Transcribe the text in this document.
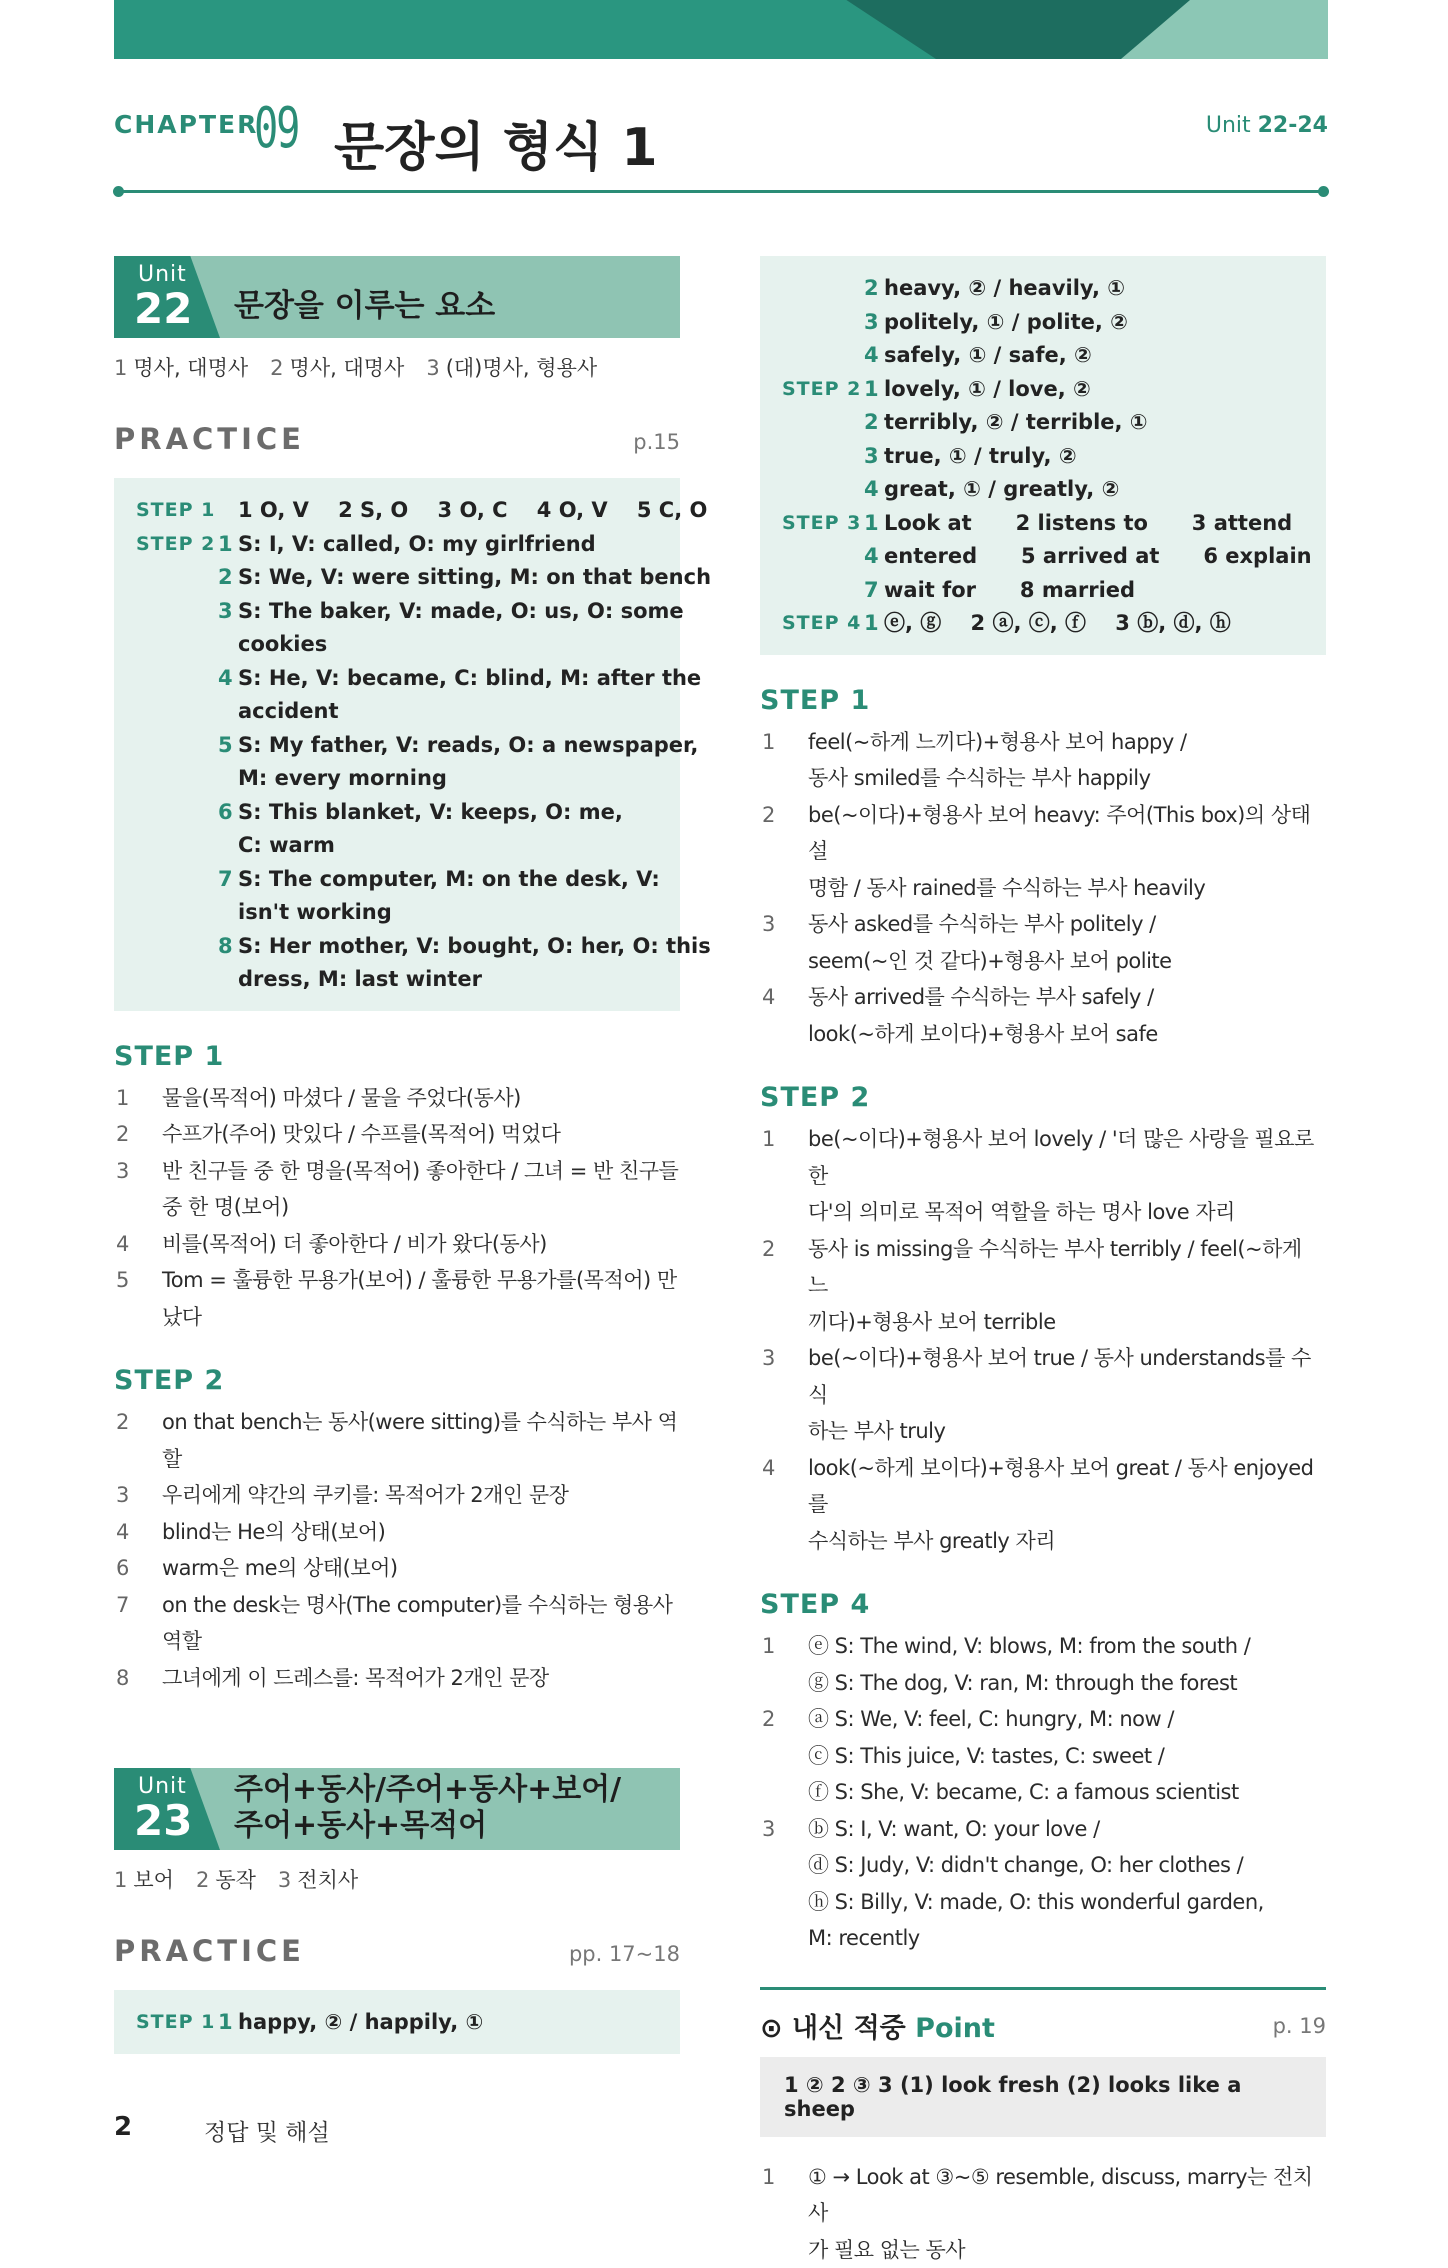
CHAPTER
09 문장의 형식 1	Unit 22-24
Unit
22 문장을 이루는 요소
1 명사, 대명사 2 명사, 대명사 3 (대)명사, 형용사
PRACTICE	p.15
STEP 1 1 O, V    2 S, O    3 O, C    4 O, V    5 C, O
STEP 2 1 S: I, V: called, O: my girlfriend
2 S: We, V: were sitting, M: on that bench
3 S: The baker, V: made, O: us, O: some
cookies
4 S: He, V: became, C: blind, M: after the
accident
5 S: My father, V: reads, O: a newspaper,
M: every morning
6 S: This blanket, V: keeps, O: me,
C: warm
7 S: The computer, M: on the desk, V:
isn't working
8 S: Her mother, V: bought, O: her, O: this
dress, M: last winter
STEP 1
1	물을(목적어) 마셨다 / 물을 주었다(동사)
2	수프가(주어) 맛있다 / 수프를(목적어) 먹었다
3	반 친구들 중 한 명을(목적어) 좋아한다 / 그녀 = 반 친구들
중 한 명(보어)
4	비를(목적어) 더 좋아한다 / 비가 왔다(동사)
5	Tom = 훌륭한 무용가(보어) / 훌륭한 무용가를(목적어) 만
났다
STEP 2
2	on that bench는 동사(were sitting)를 수식하는 부사 역
할
3	우리에게 약간의 쿠키를: 목적어가 2개인 문장
4	blind는 He의 상태(보어)
6	warm은 me의 상태(보어)
7	on the desk는 명사(The computer)를 수식하는 형용사
역할
8	그녀에게 이 드레스를: 목적어가 2개인 문장
Unit
23
주어+동사/주어+동사+보어/
주어+동사+목적어
1 보어 2 동작 3 전치사
PRACTICE	pp. 17~18
STEP 1 1 happy, ② / happily, ①
2 heavy, ② / heavily, ①
3 politely, ① / polite, ②
4 safely, ① / safe, ②
STEP 2 1 lovely, ① / love, ②
2 terribly, ② / terrible, ①
3 true, ① / truly, ②
4 great, ① / greatly, ②
STEP 3 1 Look at      2 listens to      3 attend
4 entered      5 arrived at      6 explain
7 wait for      8 married
STEP 4 1 ⓔ, ⓖ    2 ⓐ, ⓒ, ⓕ    3 ⓑ, ⓓ, ⓗ
STEP 1
1	feel(~하게 느끼다)+형용사 보어 happy /
동사 smiled를 수식하는 부사 happily
2	be(~이다)+형용사 보어 heavy: 주어(This box)의 상태 설
명함 / 동사 rained를 수식하는 부사 heavily
3	동사 asked를 수식하는 부사 politely /
seem(~인 것 같다)+형용사 보어 polite
4	동사 arrived를 수식하는 부사 safely /
look(~하게 보이다)+형용사 보어 safe
STEP 2
1	be(~이다)+형용사 보어 lovely / '더 많은 사랑을 필요로 한
다'의 의미로 목적어 역할을 하는 명사 love 자리
2	동사 is missing을 수식하는 부사 terribly / feel(~하게 느
끼다)+형용사 보어 terrible
3	be(~이다)+형용사 보어 true / 동사 understands를 수식
하는 부사 truly
4	look(~하게 보이다)+형용사 보어 great / 동사 enjoyed를
수식하는 부사 greatly 자리
STEP 4
1	ⓔ S: The wind, V: blows, M: from the south /
ⓖ S: The dog, V: ran, M: through the forest
2	ⓐ S: We, V: feel, C: hungry, M: now /
ⓒ S: This juice, V: tastes, C: sweet /
ⓕ S: She, V: became, C: a famous scientist
3	ⓑ S: I, V: want, O: your love /
ⓓ S: Judy, V: didn't change, O: her clothes /
ⓗ S: Billy, V: made, O: this wonderful garden,
M: recently
⊙ 내신 적중 Point	p. 19
1 ② 2 ③ 3 (1) look fresh (2) looks like a sheep
1	① → Look at ③~⑤ resemble, discuss, marry는 전치사
가 필요 없는 동사
2	정답 및 해설
